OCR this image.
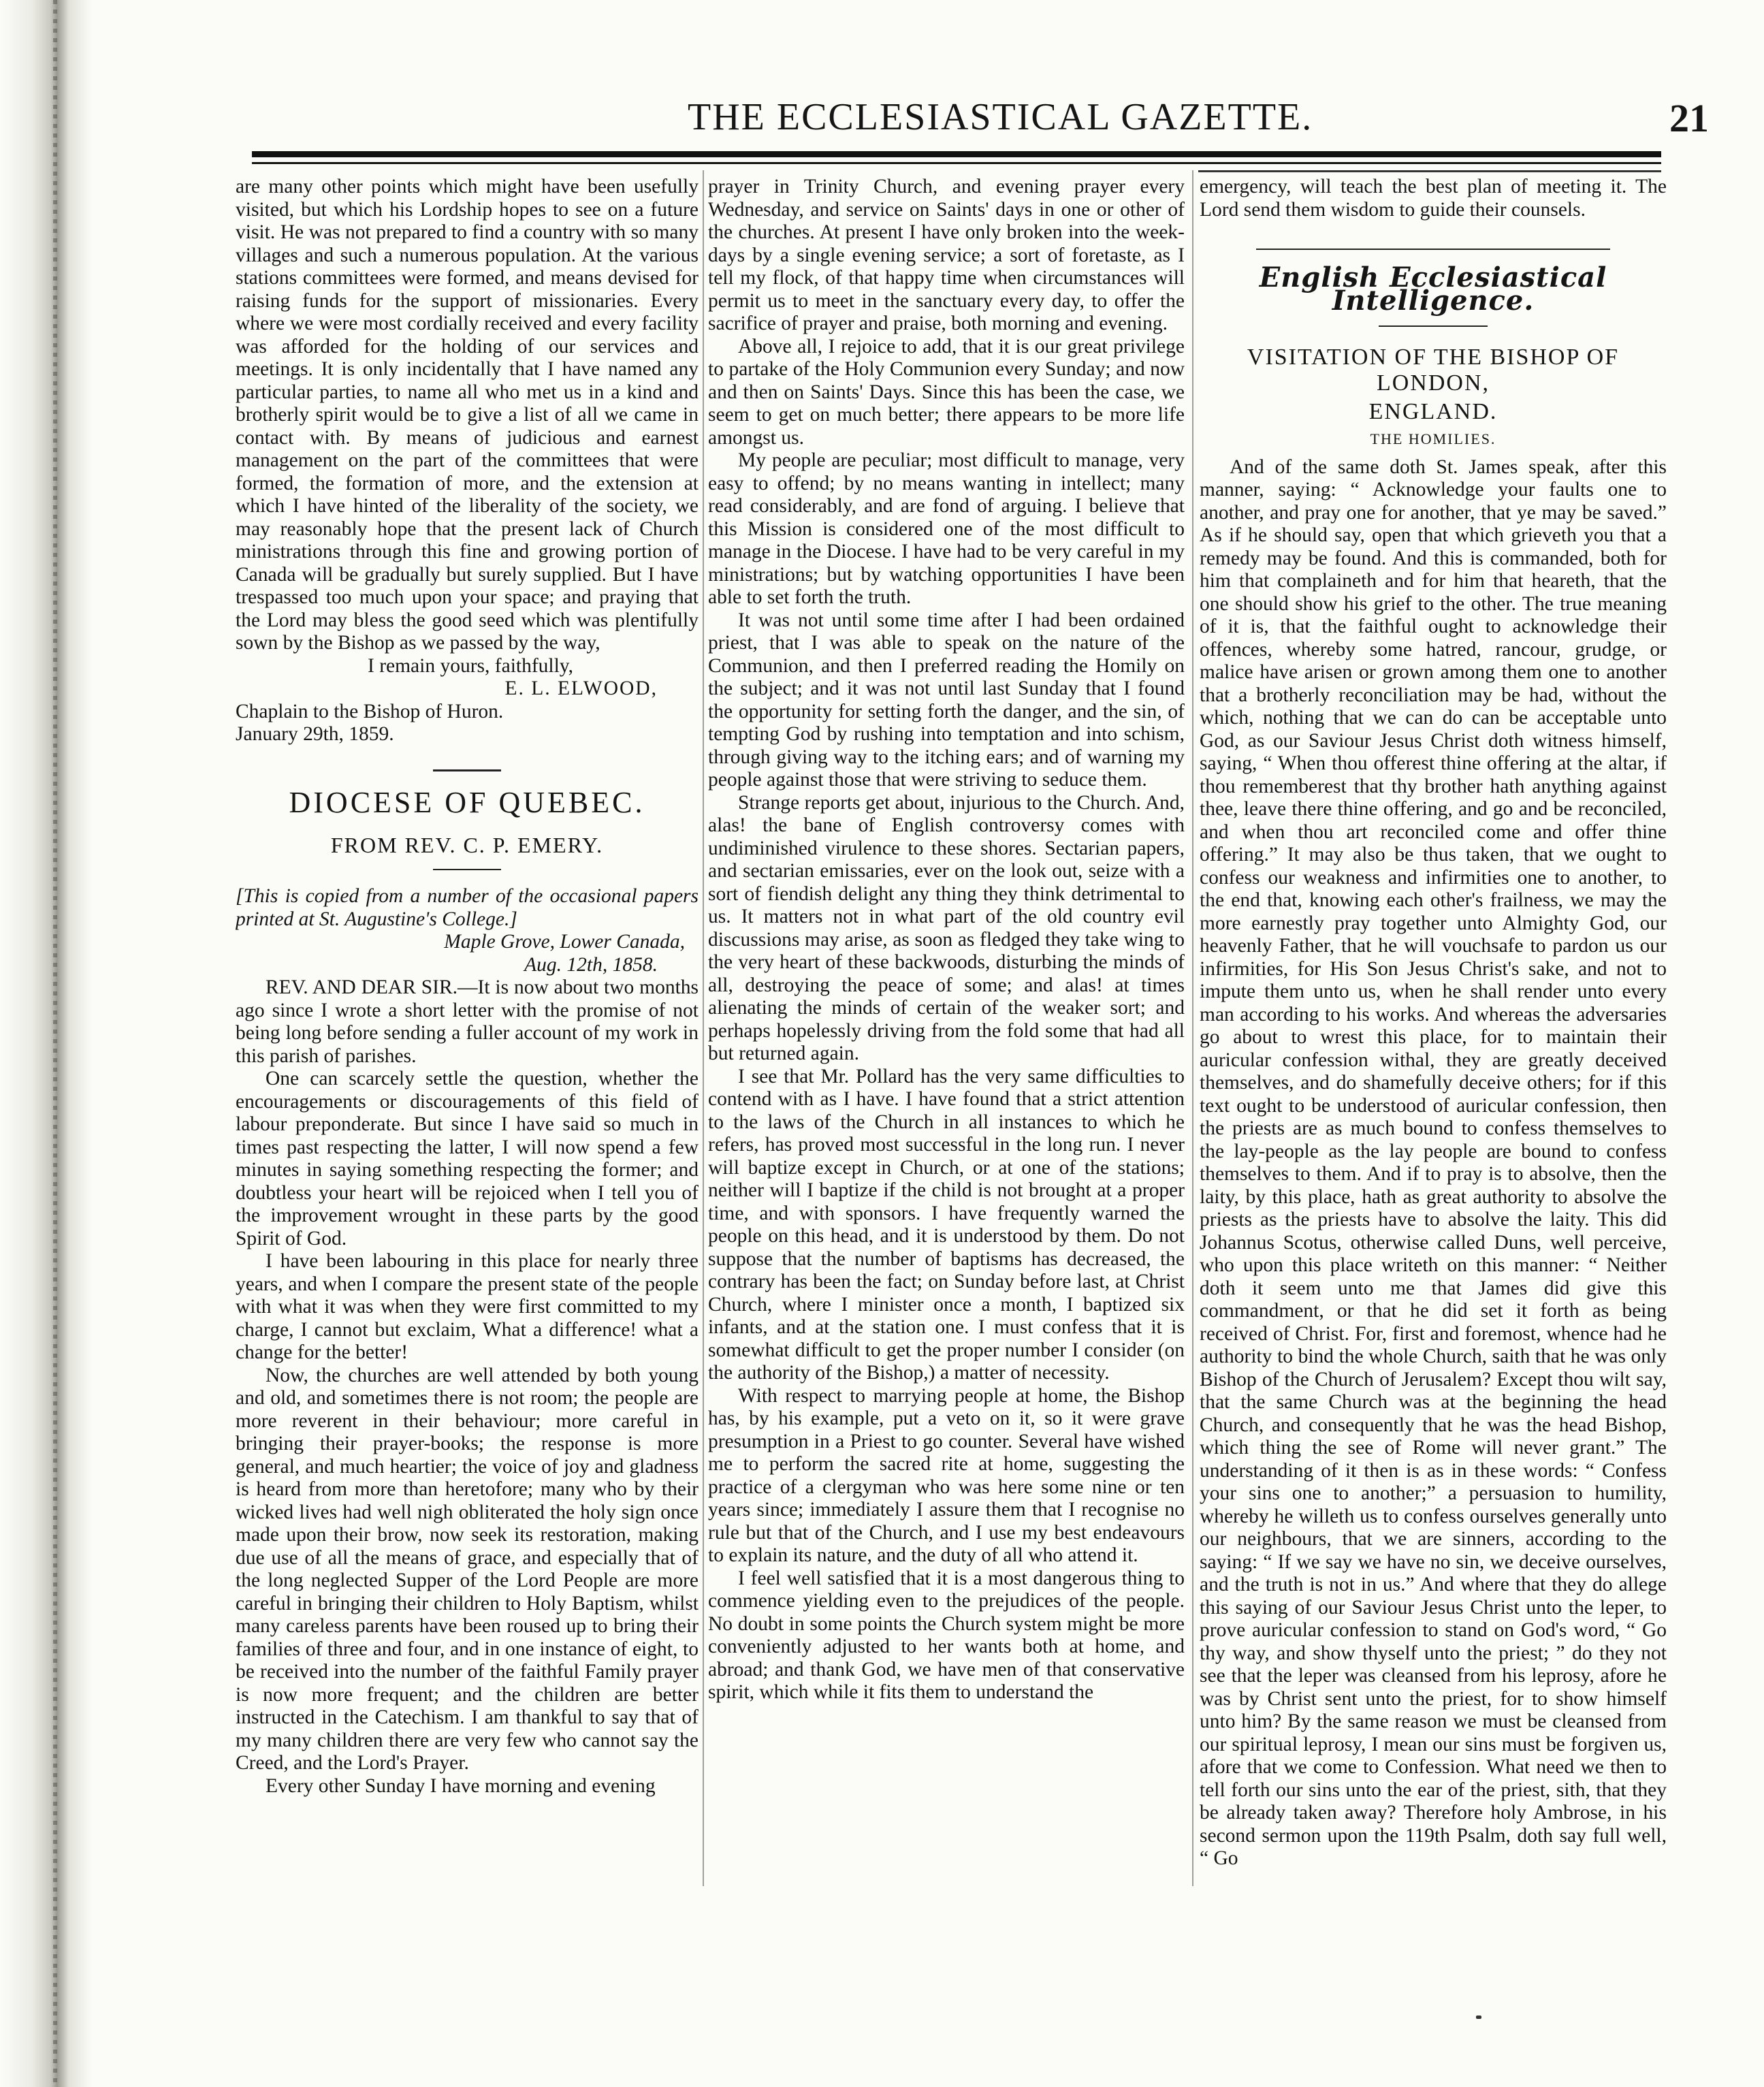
THE ECCLESIASTICAL GAZETTE.	21

are many other points which might have been usefully visited, but which his Lordship hopes to see on a future visit. He was not prepared to find a country with so many villages and such a numerous population. At the various stations committees were formed, and means devised for raising funds for the support of missionaries. Every where we were most cordially received and every facility was afforded for the holding of our services and meetings. It is only incidentally that I have named any particular parties, to name all who met us in a kind and brotherly spirit would be to give a list of all we came in contact with. By means of judicious and earnest management on the part of the committees that were formed, the formation of more, and the extension at which I have hinted of the liberality of the society, we may reasonably hope that the present lack of Church ministrations through this fine and growing portion of Canada will be gradually but surely supplied. But I have trespassed too much upon your space; and praying that the Lord may bless the good seed which was plentifully sown by the Bishop as we passed by the way,

I remain yours, faithfully,

E. L. ELWOOD,

Chaplain to the Bishop of Huron.

January 29th, 1859.

DIOCESE OF QUEBEC.
FROM REV. C. P. EMERY.

[This is copied from a number of the occasional papers printed at St. Augustine's College.]

Maple Grove, Lower Canada,

Aug. 12th, 1858.

REV. AND DEAR SIR.—It is now about two months ago since I wrote a short letter with the promise of not being long before sending a fuller account of my work in this parish of parishes.

One can scarcely settle the question, whether the encouragements or discouragements of this field of labour preponderate. But since I have said so much in times past respecting the latter, I will now spend a few minutes in saying something respecting the former; and doubtless your heart will be rejoiced when I tell you of the improvement wrought in these parts by the good Spirit of God.

I have been labouring in this place for nearly three years, and when I compare the present state of the people with what it was when they were first committed to my charge, I cannot but exclaim, What a difference! what a change for the better!

Now, the churches are well attended by both young and old, and sometimes there is not room; the people are more reverent in their behaviour; more careful in bringing their prayer-books; the response is more general, and much heartier; the voice of joy and gladness is heard from more than heretofore; many who by their wicked lives had well nigh obliterated the holy sign once made upon their brow, now seek its restoration, making due use of all the means of grace, and especially that of the long neglected Supper of the Lord People are more careful in bringing their children to Holy Baptism, whilst many careless parents have been roused up to bring their families of three and four, and in one instance of eight, to be received into the number of the faithful Family prayer is now more frequent; and the children are better instructed in the Catechism. I am thankful to say that of my many children there are very few who cannot say the Creed, and the Lord's Prayer.

Every other Sunday I have morning and evening

prayer in Trinity Church, and evening prayer every Wednesday, and service on Saints' days in one or other of the churches. At present I have only broken into the week-days by a single evening service; a sort of foretaste, as I tell my flock, of that happy time when circumstances will permit us to meet in the sanctuary every day, to offer the sacrifice of prayer and praise, both morning and evening.

Above all, I rejoice to add, that it is our great privilege to partake of the Holy Communion every Sunday; and now and then on Saints' Days. Since this has been the case, we seem to get on much better; there appears to be more life amongst us.

My people are peculiar; most difficult to manage, very easy to offend; by no means wanting in intellect; many read considerably, and are fond of arguing. I believe that this Mission is considered one of the most difficult to manage in the Diocese. I have had to be very careful in my ministrations; but by watching opportunities I have been able to set forth the truth.

It was not until some time after I had been ordained priest, that I was able to speak on the nature of the Communion, and then I preferred reading the Homily on the subject; and it was not until last Sunday that I found the opportunity for setting forth the danger, and the sin, of tempting God by rushing into temptation and into schism, through giving way to the itching ears; and of warning my people against those that were striving to seduce them.

Strange reports get about, injurious to the Church. And, alas! the bane of English controversy comes with undiminished virulence to these shores. Sectarian papers, and sectarian emissaries, ever on the look out, seize with a sort of fiendish delight any thing they think detrimental to us. It matters not in what part of the old country evil discussions may arise, as soon as fledged they take wing to the very heart of these backwoods, disturbing the minds of all, destroying the peace of some; and alas! at times alienating the minds of certain of the weaker sort; and perhaps hopelessly driving from the fold some that had all but returned again.

I see that Mr. Pollard has the very same difficulties to contend with as I have. I have found that a strict attention to the laws of the Church in all instances to which he refers, has proved most successful in the long run. I never will baptize except in Church, or at one of the stations; neither will I baptize if the child is not brought at a proper time, and with sponsors. I have frequently warned the people on this head, and it is understood by them. Do not suppose that the number of baptisms has decreased, the contrary has been the fact; on Sunday before last, at Christ Church, where I minister once a month, I baptized six infants, and at the station one. I must confess that it is somewhat difficult to get the proper number I consider (on the authority of the Bishop,) a matter of necessity.

With respect to marrying people at home, the Bishop has, by his example, put a veto on it, so it were grave presumption in a Priest to go counter. Several have wished me to perform the sacred rite at home, suggesting the practice of a clergyman who was here some nine or ten years since; immediately I assure them that I recognise no rule but that of the Church, and I use my best endeavours to explain its nature, and the duty of all who attend it.

I feel well satisfied that it is a most dangerous thing to commence yielding even to the prejudices of the people. No doubt in some points the Church system might be more conveniently adjusted to her wants both at home, and abroad; and thank God, we have men of that conservative spirit, which while it fits them to understand the

emergency, will teach the best plan of meeting it. The Lord send them wisdom to guide their counsels.

English Ecclesiastical Intelligence.
VISITATION OF THE BISHOP OF LONDON,
ENGLAND.
THE HOMILIES.

And of the same doth St. James speak, after this manner, saying: “ Acknowledge your faults one to another, and pray one for another, that ye may be saved.” As if he should say, open that which grieveth you that a remedy may be found. And this is commanded, both for him that complaineth and for him that heareth, that the one should show his grief to the other. The true meaning of it is, that the faithful ought to acknowledge their offences, whereby some hatred, rancour, grudge, or malice have arisen or grown among them one to another that a brotherly reconciliation may be had, without the which, nothing that we can do can be acceptable unto God, as our Saviour Jesus Christ doth witness himself, saying, “ When thou offerest thine offering at the altar, if thou rememberest that thy brother hath anything against thee, leave there thine offering, and go and be reconciled, and when thou art reconciled come and offer thine offering.” It may also be thus taken, that we ought to confess our weakness and infirmities one to another, to the end that, knowing each other's frailness, we may the more earnestly pray together unto Almighty God, our heavenly Father, that he will vouchsafe to pardon us our infirmities, for His Son Jesus Christ's sake, and not to impute them unto us, when he shall render unto every man according to his works. And whereas the adversaries go about to wrest this place, for to maintain their auricular confession withal, they are greatly deceived themselves, and do shamefully deceive others; for if this text ought to be understood of auricular confession, then the priests are as much bound to confess themselves to the lay-people as the lay people are bound to confess themselves to them. And if to pray is to absolve, then the laity, by this place, hath as great authority to absolve the priests as the priests have to absolve the laity. This did Johannus Scotus, otherwise called Duns, well perceive, who upon this place writeth on this manner: “ Neither doth it seem unto me that James did give this commandment, or that he did set it forth as being received of Christ. For, first and foremost, whence had he authority to bind the whole Church, saith that he was only Bishop of the Church of Jerusalem? Except thou wilt say, that the same Church was at the beginning the head Church, and consequently that he was the head Bishop, which thing the see of Rome will never grant.” The understanding of it then is as in these words: “ Confess your sins one to another;” a persuasion to humility, whereby he willeth us to confess ourselves generally unto our neighbours, that we are sinners, according to the saying: “ If we say we have no sin, we deceive ourselves, and the truth is not in us.” And where that they do allege this saying of our Saviour Jesus Christ unto the leper, to prove auricular confession to stand on God's word, “ Go thy way, and show thyself unto the priest; ” do they not see that the leper was cleansed from his leprosy, afore he was by Christ sent unto the priest, for to show himself unto him? By the same reason we must be cleansed from our spiritual leprosy, I mean our sins must be forgiven us, afore that we come to Confession. What need we then to tell forth our sins unto the ear of the priest, sith, that they be already taken away? Therefore holy Ambrose, in his second sermon upon the 119th Psalm, doth say full well, “ Go
